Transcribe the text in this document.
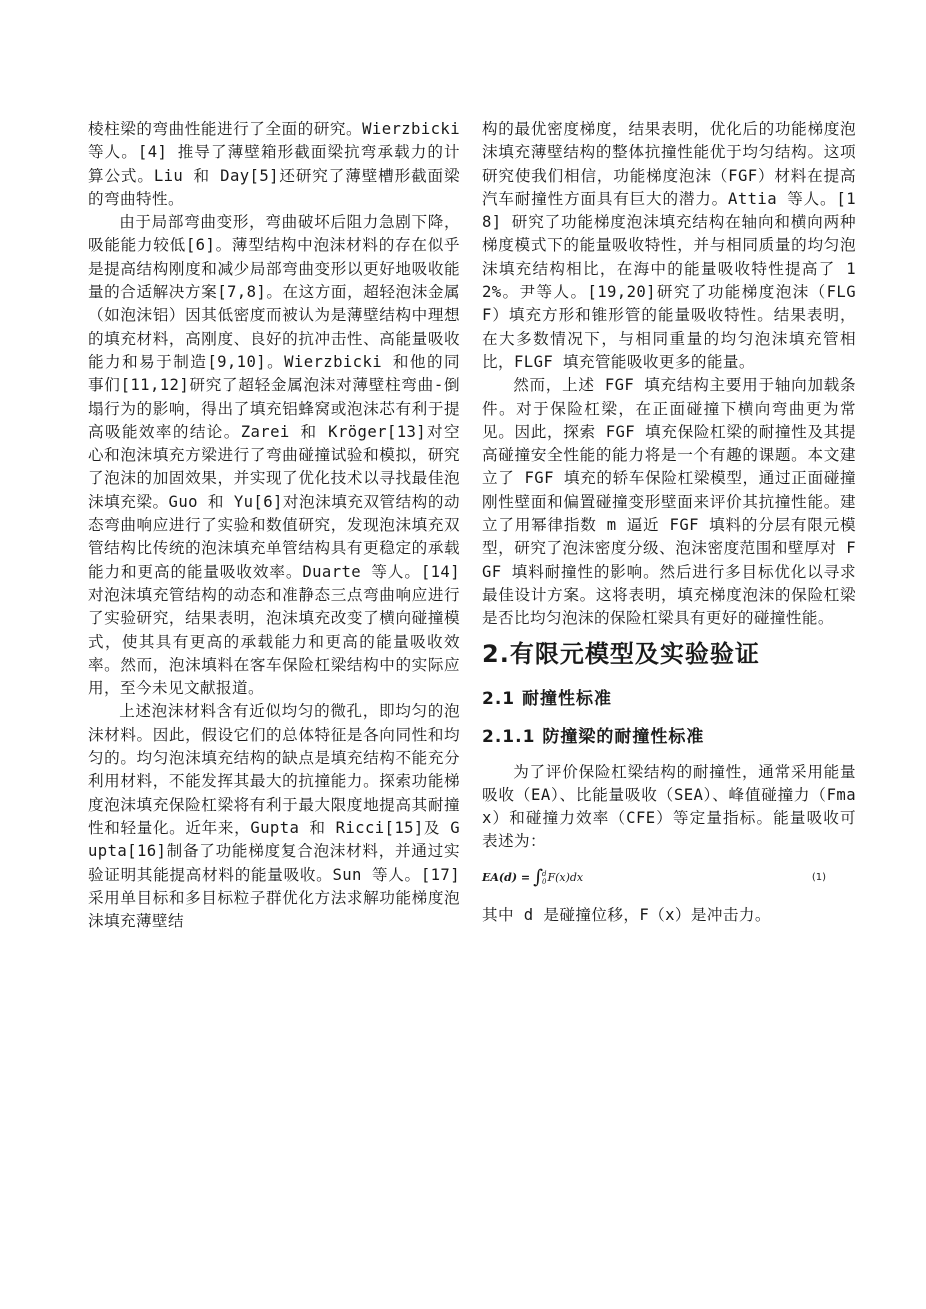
棱柱梁的弯曲性能进行了全面的研究。Wierzbicki 等人。[4] 推导了薄壁箱形截面梁抗弯承载力的计算公式。Liu 和 Day[5]还研究了薄壁槽形截面梁的弯曲特性。

由于局部弯曲变形，弯曲破坏后阻力急剧下降，吸能能力较低[6]。薄型结构中泡沫材料的存在似乎是提高结构刚度和减少局部弯曲变形以更好地吸收能量的合适解决方案[7,8]。在这方面，超轻泡沫金属（如泡沫铝）因其低密度而被认为是薄壁结构中理想的填充材料，高刚度、良好的抗冲击性、高能量吸收能力和易于制造[9,10]。Wierzbicki 和他的同事们[11,12]研究了超轻金属泡沫对薄壁柱弯曲-倒塌行为的影响，得出了填充铝蜂窝或泡沫芯有利于提高吸能效率的结论。Zarei 和 Kröger[13]对空心和泡沫填充方梁进行了弯曲碰撞试验和模拟，研究了泡沫的加固效果，并实现了优化技术以寻找最佳泡沫填充梁。Guo 和 Yu[6]对泡沫填充双管结构的动态弯曲响应进行了实验和数值研究，发现泡沫填充双管结构比传统的泡沫填充单管结构具有更稳定的承载能力和更高的能量吸收效率。Duarte 等人。[14] 对泡沫填充管结构的动态和准静态三点弯曲响应进行了实验研究，结果表明，泡沫填充改变了横向碰撞模式，使其具有更高的承载能力和更高的能量吸收效率。然而，泡沫填料在客车保险杠梁结构中的实际应用，至今未见文献报道。

上述泡沫材料含有近似均匀的微孔，即均匀的泡沫材料。因此，假设它们的总体特征是各向同性和均匀的。均匀泡沫填充结构的缺点是填充结构不能充分利用材料，不能发挥其最大的抗撞能力。探索功能梯度泡沫填充保险杠梁将有利于最大限度地提高其耐撞性和轻量化。近年来，Gupta 和 Ricci[15]及 Gupta[16]制备了功能梯度复合泡沫材料，并通过实验证明其能提高材料的能量吸收。Sun 等人。[17] 采用单目标和多目标粒子群优化方法求解功能梯度泡沫填充薄壁结

构的最优密度梯度，结果表明，优化后的功能梯度泡沫填充薄壁结构的整体抗撞性能优于均匀结构。这项研究使我们相信，功能梯度泡沫（FGF）材料在提高汽车耐撞性方面具有巨大的潜力。Attia 等人。[18] 研究了功能梯度泡沫填充结构在轴向和横向两种梯度模式下的能量吸收特性，并与相同质量的均匀泡沫填充结构相比，在海中的能量吸收特性提高了 12%。尹等人。[19,20]研究了功能梯度泡沫（FLGF）填充方形和锥形管的能量吸收特性。结果表明，在大多数情况下，与相同重量的均匀泡沫填充管相比，FLGF 填充管能吸收更多的能量。

然而，上述 FGF 填充结构主要用于轴向加载条件。对于保险杠梁，在正面碰撞下横向弯曲更为常见。因此，探索 FGF 填充保险杠梁的耐撞性及其提高碰撞安全性能的能力将是一个有趣的课题。本文建立了 FGF 填充的轿车保险杠梁模型，通过正面碰撞刚性壁面和偏置碰撞变形壁面来评价其抗撞性能。建立了用幂律指数 m 逼近 FGF 填料的分层有限元模型，研究了泡沫密度分级、泡沫密度范围和壁厚对 FGF 填料耐撞性的影响。然后进行多目标优化以寻求最佳设计方案。这将表明，填充梯度泡沫的保险杠梁是否比均匀泡沫的保险杠梁具有更好的碰撞性能。

2.有限元模型及实验验证
2.1 耐撞性标准
2.1.1 防撞梁的耐撞性标准

为了评价保险杠梁结构的耐撞性，通常采用能量吸收（EA）、比能量吸收（SEA）、峰值碰撞力（Fmax）和碰撞力效率（CFE）等定量指标。能量吸收可表述为：

EA(d) = ∫ d
0 F(x)dx	(1)

其中 d 是碰撞位移，F（x）是冲击力。
